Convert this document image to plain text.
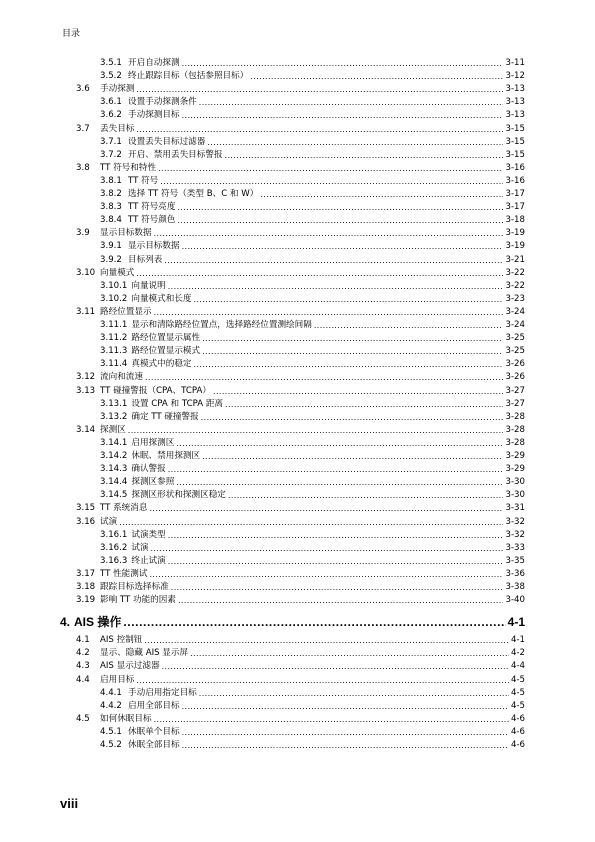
目录
3.5.1 开启自动探测 .....	3-11
3.5.2 终止跟踪目标（包括参照目标） .....	3-12
3.6	手动探测 .....	3-13
3.6.1 设置手动探测条件 .....	3-13
3.6.2 手动探测目标 .....	3-13
3.7	丢失目标 .....	3-15
3.7.1 设置丢失目标过滤器 .....	3-15
3.7.2 开启、禁用丢失目标警报 .....	3-15
3.8	TT 符号和特性 .....	3-16
3.8.1 TT 符号 .....	3-16
3.8.2 选择 TT 符号（类型 B、C 和 W） .....	3-17
3.8.3 TT 符号亮度 .....	3-17
3.8.4 TT 符号颜色 .....	3-18
3.9	显示目标数据 .....	3-19
3.9.1 显示目标数据 .....	3-19
3.9.2 目标列表 .....	3-21
3.10 向量模式 .....	3-22
3.10.1 向量说明 .....	3-22
3.10.2 向量模式和长度 .....	3-23
3.11 路经位置显示 .....	3-24
3.11.1 显示和清除路经位置点，选择路经位置测绘间隔 .....	3-24
3.11.2 路经位置显示属性 .....	3-25
3.11.3 路经位置显示模式 .....	3-25
3.11.4 真模式中的稳定 .....	3-26
3.12 流向和流速 .....	3-26
3.13 TT 碰撞警报（CPA、TCPA） .....	3-27
3.13.1 设置 CPA 和 TCPA 距离 .....	3-27
3.13.2 确定 TT 碰撞警报 .....	3-28
3.14 探测区 .....	3-28
3.14.1 启用探测区 .....	3-28
3.14.2 休眠、禁用探测区 .....	3-29
3.14.3 确认警报 .....	3-29
3.14.4 探测区参照 .....	3-30
3.14.5 探测区形状和探测区稳定 .....	3-30
3.15 TT 系统消息 .....	3-31
3.16 试演 .....	3-32
3.16.1 试演类型 .....	3-32
3.16.2 试演 .....	3-33
3.16.3 终止试演 .....	3-35
3.17 TT 性能测试 .....	3-36
3.18 跟踪目标选择标准 .....	3-38
3.19 影响 TT 功能的因素 .....	3-40
4. AIS 操作 .....	4-1
4.1	AIS 控制钮 .....	4-1
4.2	显示、隐藏 AIS 显示屏 .....	4-2
4.3	AIS 显示过滤器 .....	4-4
4.4	启用目标 .....	4-5
4.4.1 手动启用指定目标 .....	4-5
4.4.2 启用全部目标 .....	4-5
4.5	如何休眠目标 .....	4-6
4.5.1 休眠单个目标 .....	4-6
4.5.2 休眠全部目标 .....	4-6
viii
